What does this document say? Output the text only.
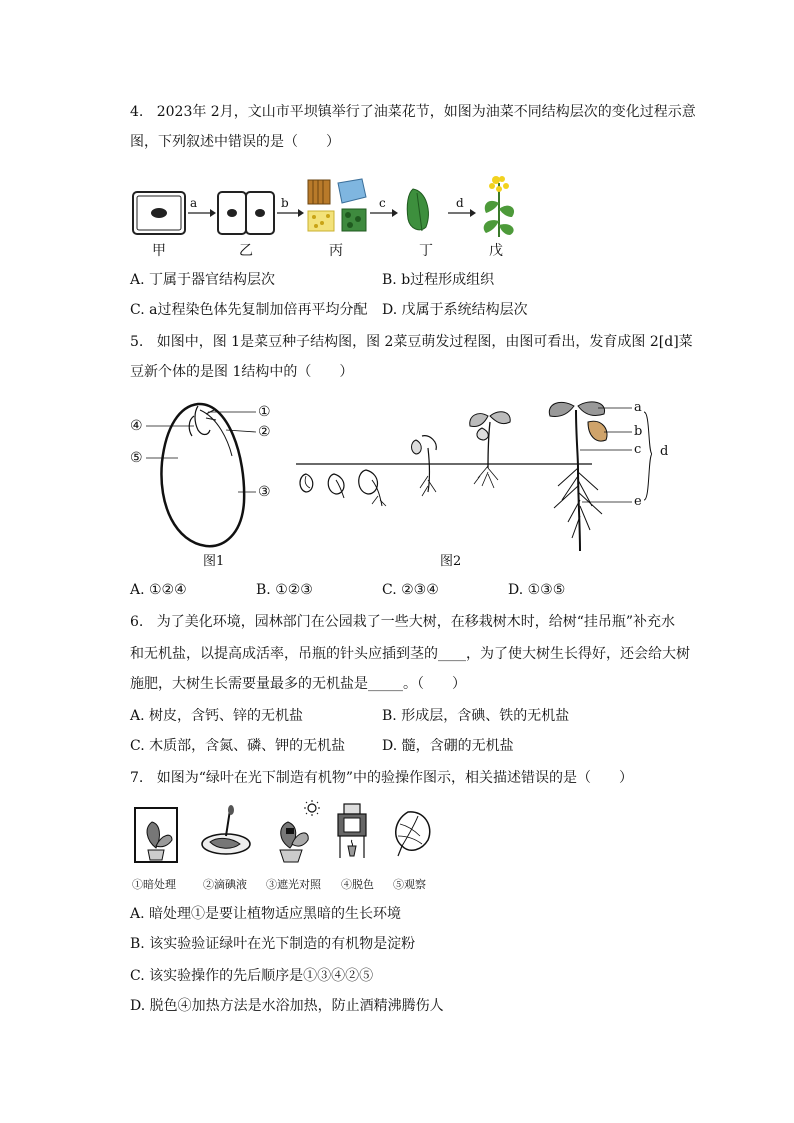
4. 2023年 2月，文山市平坝镇举行了油菜花节，如图为油菜不同结构层次的变化过程示意
图，下列叙述中错误的是（　　）
a	b	c	d
甲	乙	丙	丁	戊
A. 丁属于器官结构层次	B. b过程形成组织
C. a过程染色体先复制加倍再平均分配 D. 戊属于系统结构层次
5. 如图中，图 1是菜豆种子结构图，图 2菜豆萌发过程图，由图可看出，发育成图 2[d]菜
豆新个体的是图 1结构中的（　　）
①
②
③
④
⑤
图1
a
b
c d
e
图2
A. ①②④	B. ①②③	C. ②③④	D. ①③⑤
6. 为了美化环境，园林部门在公园栽了一些大树，在移栽树木时，给树“挂吊瓶”补充水
和无机盐，以提高成活率，吊瓶的针头应插到茎的____，为了使大树生长得好，还会给大树
施肥，大树生长需要量最多的无机盐是_____。（　　）
A. 树皮，含钙、锌的无机盐	B. 形成层，含碘、铁的无机盐
C. 木质部，含氮、磷、钾的无机盐	D. 髓，含硼的无机盐
7. 如图为“绿叶在光下制造有机物”中的验操作图示，相关描述错误的是（　　）
①暗处理 ②滴碘液 ③遮光对照 ④脱色 ⑤观察
A. 暗处理①是要让植物适应黑暗的生长环境
B. 该实验验证绿叶在光下制造的有机物是淀粉
C. 该实验操作的先后顺序是①③④②⑤
D. 脱色④加热方法是水浴加热，防止酒精沸腾伤人
